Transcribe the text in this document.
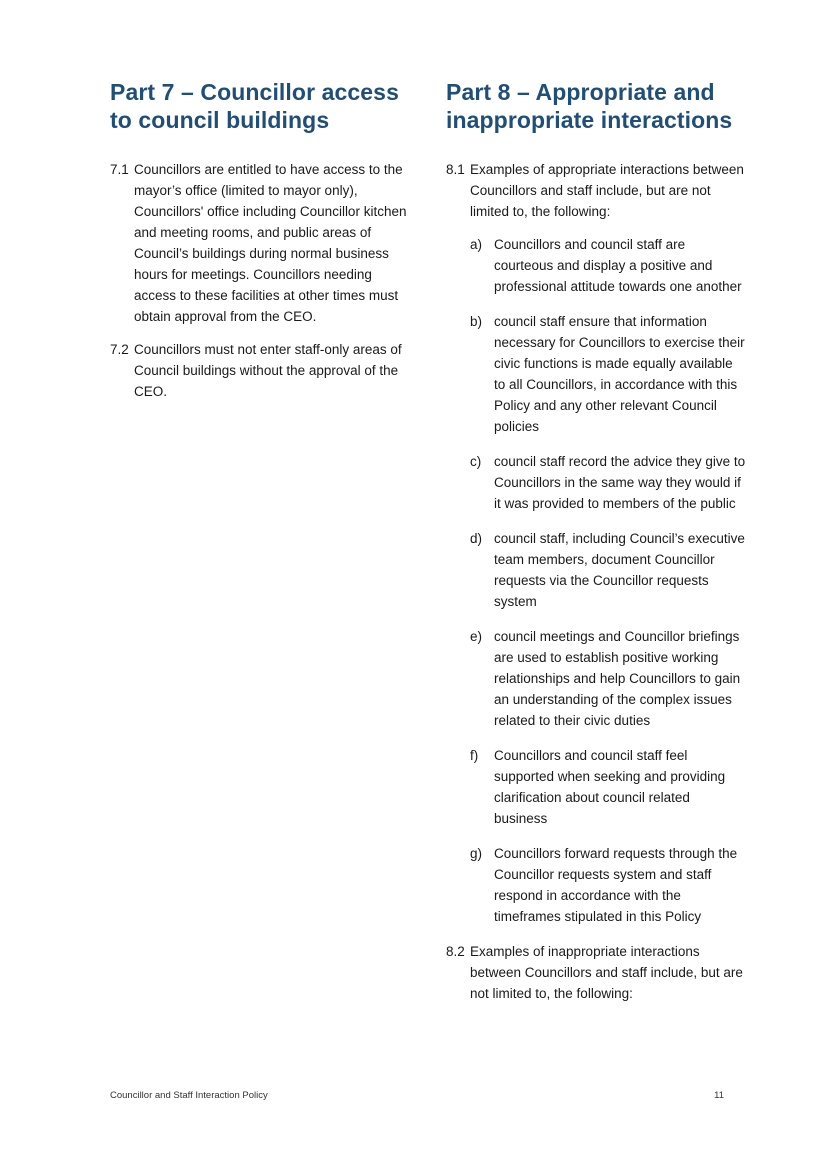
Part 7 – Councillor access to council buildings
7.1 Councillors are entitled to have access to the mayor’s office (limited to mayor only), Councillors' office including Councillor kitchen and meeting rooms, and public areas of Council’s buildings during normal business hours for meetings. Councillors needing access to these facilities at other times must obtain approval from the CEO.
7.2 Councillors must not enter staff-only areas of Council buildings without the approval of the CEO.
Part 8 – Appropriate and inappropriate interactions
8.1 Examples of appropriate interactions between Councillors and staff include, but are not limited to, the following:
a) Councillors and council staff are courteous and display a positive and professional attitude towards one another
b) council staff ensure that information necessary for Councillors to exercise their civic functions is made equally available to all Councillors, in accordance with this Policy and any other relevant Council policies
c) council staff record the advice they give to Councillors in the same way they would if it was provided to members of the public
d) council staff, including Council’s executive team members, document Councillor requests via the Councillor requests system
e) council meetings and Councillor briefings are used to establish positive working relationships and help Councillors to gain an understanding of the complex issues related to their civic duties
f) Councillors and council staff feel supported when seeking and providing clarification about council related business
g) Councillors forward requests through the Councillor requests system and staff respond in accordance with the timeframes stipulated in this Policy
8.2 Examples of inappropriate interactions between Councillors and staff include, but are not limited to, the following:
Councillor and Staff Interaction Policy	11
